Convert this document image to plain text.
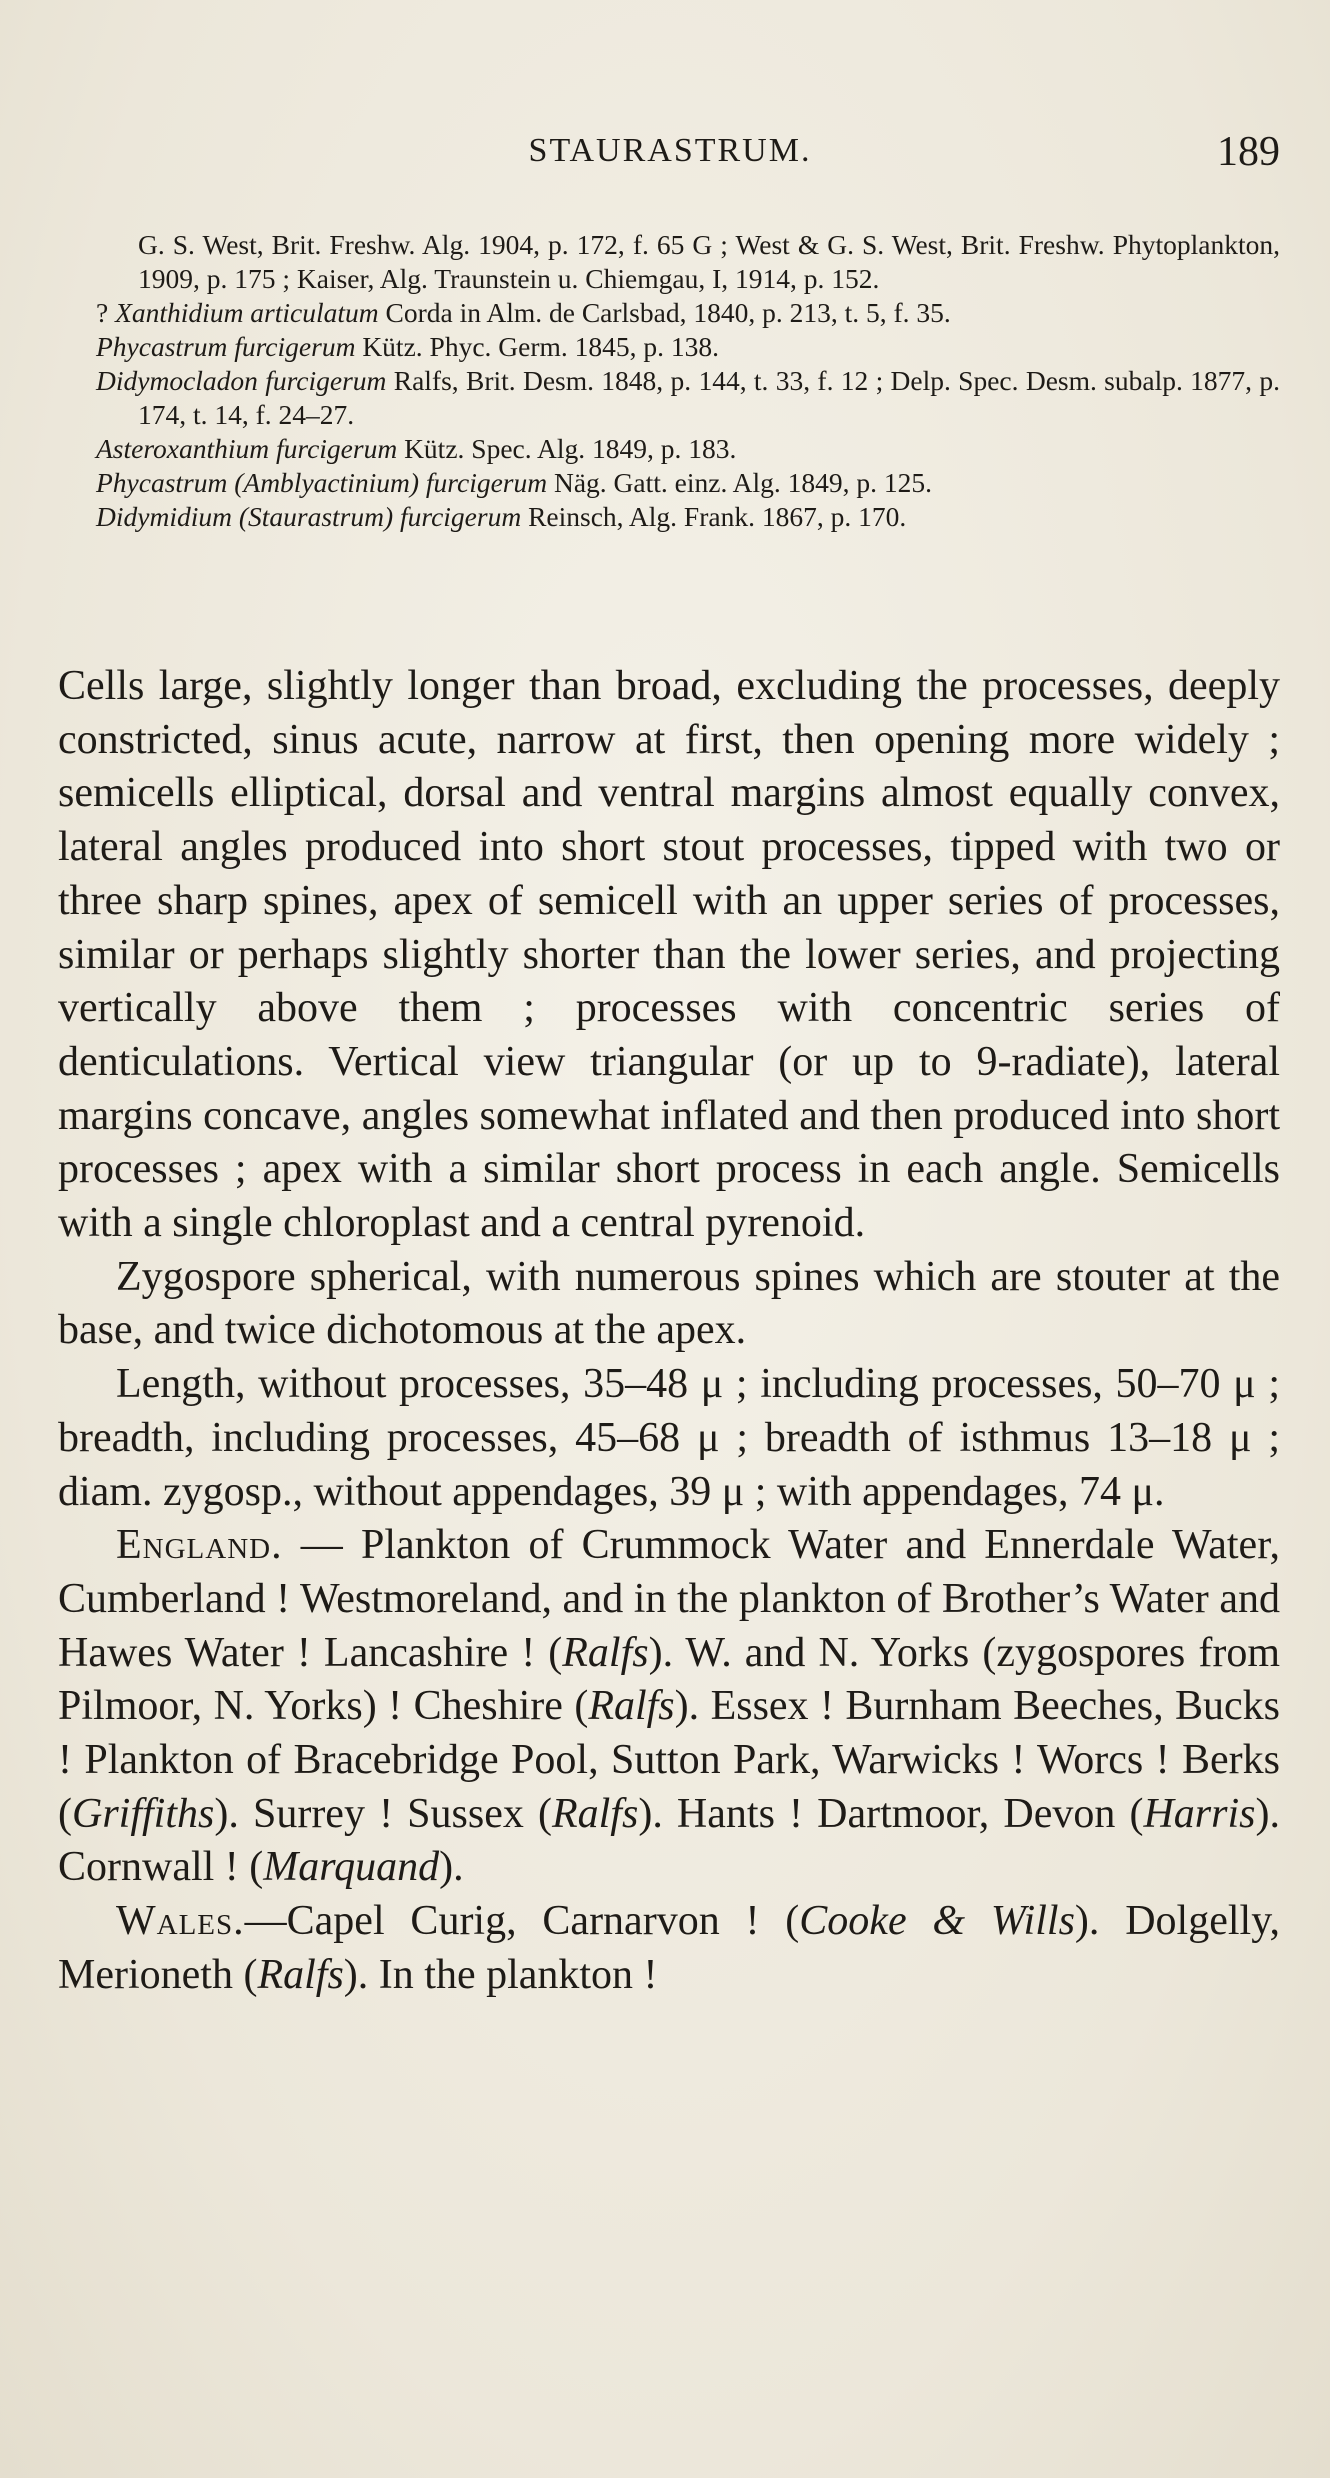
STAURASTRUM.	189

G. S. West, Brit. Freshw. Alg. 1904, p. 172, f. 65 G ; West & G. S. West, Brit. Freshw. Phytoplankton, 1909, p. 175 ; Kaiser, Alg. Traunstein u. Chiemgau, I, 1914, p. 152.

? Xanthidium articulatum Corda in Alm. de Carlsbad, 1840, p. 213, t. 5, f. 35.

Phycastrum furcigerum Kütz. Phyc. Germ. 1845, p. 138.

Didymocladon furcigerum Ralfs, Brit. Desm. 1848, p. 144, t. 33, f. 12 ; Delp. Spec. Desm. subalp. 1877, p. 174, t. 14, f. 24–27.

Asteroxanthium furcigerum Kütz. Spec. Alg. 1849, p. 183.

Phycastrum (Amblyactinium) furcigerum Näg. Gatt. einz. Alg. 1849, p. 125.

Didymidium (Staurastrum) furcigerum Reinsch, Alg. Frank. 1867, p. 170.

Cells large, slightly longer than broad, excluding the processes, deeply constricted, sinus acute, narrow at first, then opening more widely ; semicells elliptical, dorsal and ventral margins almost equally convex, lateral angles produced into short stout processes, tipped with two or three sharp spines, apex of semicell with an upper series of processes, similar or perhaps slightly shorter than the lower series, and projecting vertically above them ; processes with concentric series of denticulations. Vertical view triangular (or up to 9-radiate), lateral margins concave, angles somewhat inflated and then produced into short processes ; apex with a similar short process in each angle. Semicells with a single chloroplast and a central pyrenoid.

Zygospore spherical, with numerous spines which are stouter at the base, and twice dichotomous at the apex.

Length, without processes, 35–48 μ ; including processes, 50–70 μ ; breadth, including processes, 45–68 μ ; breadth of isthmus 13–18 μ ; diam. zygosp., without appendages, 39 μ ; with appendages, 74 μ.

England. — Plankton of Crummock Water and Ennerdale Water, Cumberland ! Westmoreland, and in the plankton of Brother’s Water and Hawes Water ! Lancashire ! (Ralfs). W. and N. Yorks (zygospores from Pilmoor, N. Yorks) ! Cheshire (Ralfs). Essex ! Burnham Beeches, Bucks ! Plankton of Bracebridge Pool, Sutton Park, Warwicks ! Worcs ! Berks (Griffiths). Surrey ! Sussex (Ralfs). Hants ! Dartmoor, Devon (Harris). Cornwall ! (Marquand).

Wales.—Capel Curig, Carnarvon ! (Cooke & Wills). Dolgelly, Merioneth (Ralfs). In the plankton !
